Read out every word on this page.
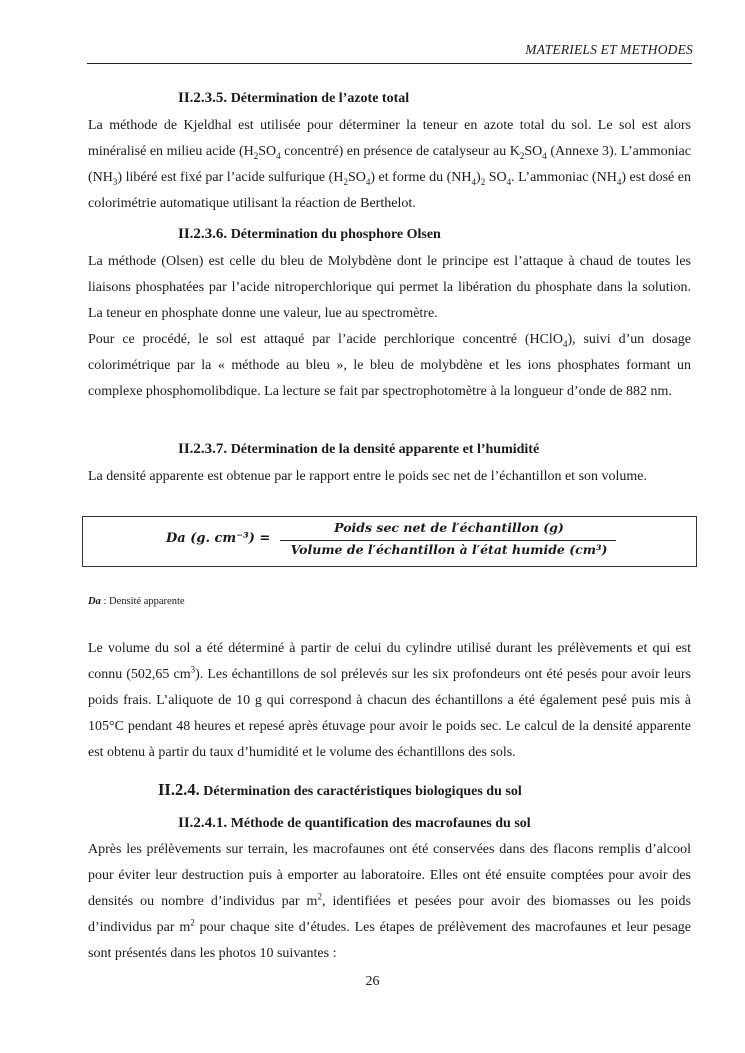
MATERIELS ET METHODES
II.2.3.5. Détermination de l’azote total
La méthode de Kjeldhal est utilisée pour déterminer la teneur en azote total du sol. Le sol est alors minéralisé en milieu acide ($H_2SO_4$ concentré) en présence de catalyseur au $K_2SO_4$ (Annexe 3). L’ammoniac $(NH_3)$ libéré est fixé par l’acide sulfurique $(H_2SO_4)$ et forme du $(NH_4)_2$ $SO_4$. L’ammoniac $(NH_4)$ est dosé en colorimétrie automatique utilisant la réaction de Berthelot.
II.2.3.6. Détermination du phosphore Olsen
La méthode (Olsen) est celle du bleu de Molybdène dont le principe est l’attaque à chaud de toutes les liaisons phosphatées par l’acide nitroperchlorique qui permet la libération du phosphate dans la solution. La teneur en phosphate donne une valeur, lue au spectromètre.
Pour ce procédé, le sol est attaqué par l’acide perchlorique concentré (HClO$_4$), suivi d’un dosage colorimétrique par la « méthode au bleu », le bleu de molybdène et les ions phosphates formant un complexe phosphomolibdique. La lecture se fait par spectrophotomètre à la longueur d’onde de 882 nm.
II.2.3.7. Détermination de la densité apparente et l’humidité
La densité apparente est obtenue par le rapport entre le poids sec net de l’échantillon et son volume.
Da (g. cm⁻³) =
Poids sec net de l′échantillon (g)
Volume de l′échantillon à l′état humide (cm³)
Da : Densité apparente
Le volume du sol a été déterminé à partir de celui du cylindre utilisé durant les prélèvements et qui est connu (502,65 $cm^3$). Les échantillons de sol prélevés sur les six profondeurs ont été pesés pour avoir leurs poids frais. L’aliquote de 10 g qui correspond à chacun des échantillons a été également pesé puis mis à 105°C pendant 48 heures et repesé après étuvage pour avoir le poids sec. Le calcul de la densité apparente est obtenu à partir du taux d’humidité et le volume des échantillons des sols.
II.2.4. Détermination des caractéristiques biologiques du sol
II.2.4.1. Méthode de quantification des macrofaunes du sol
Après les prélèvements sur terrain, les macrofaunes ont été conservées dans des flacons remplis d’alcool pour éviter leur destruction puis à emporter au laboratoire. Elles ont été ensuite comptées pour avoir des densités ou nombre d’individus par $m^2$, identifiées et pesées pour avoir des biomasses ou les poids d’individus par $m^2$ pour chaque site d’études. Les étapes de prélèvement des macrofaunes et leur pesage sont présentés dans les photos 10 suivantes :
26
